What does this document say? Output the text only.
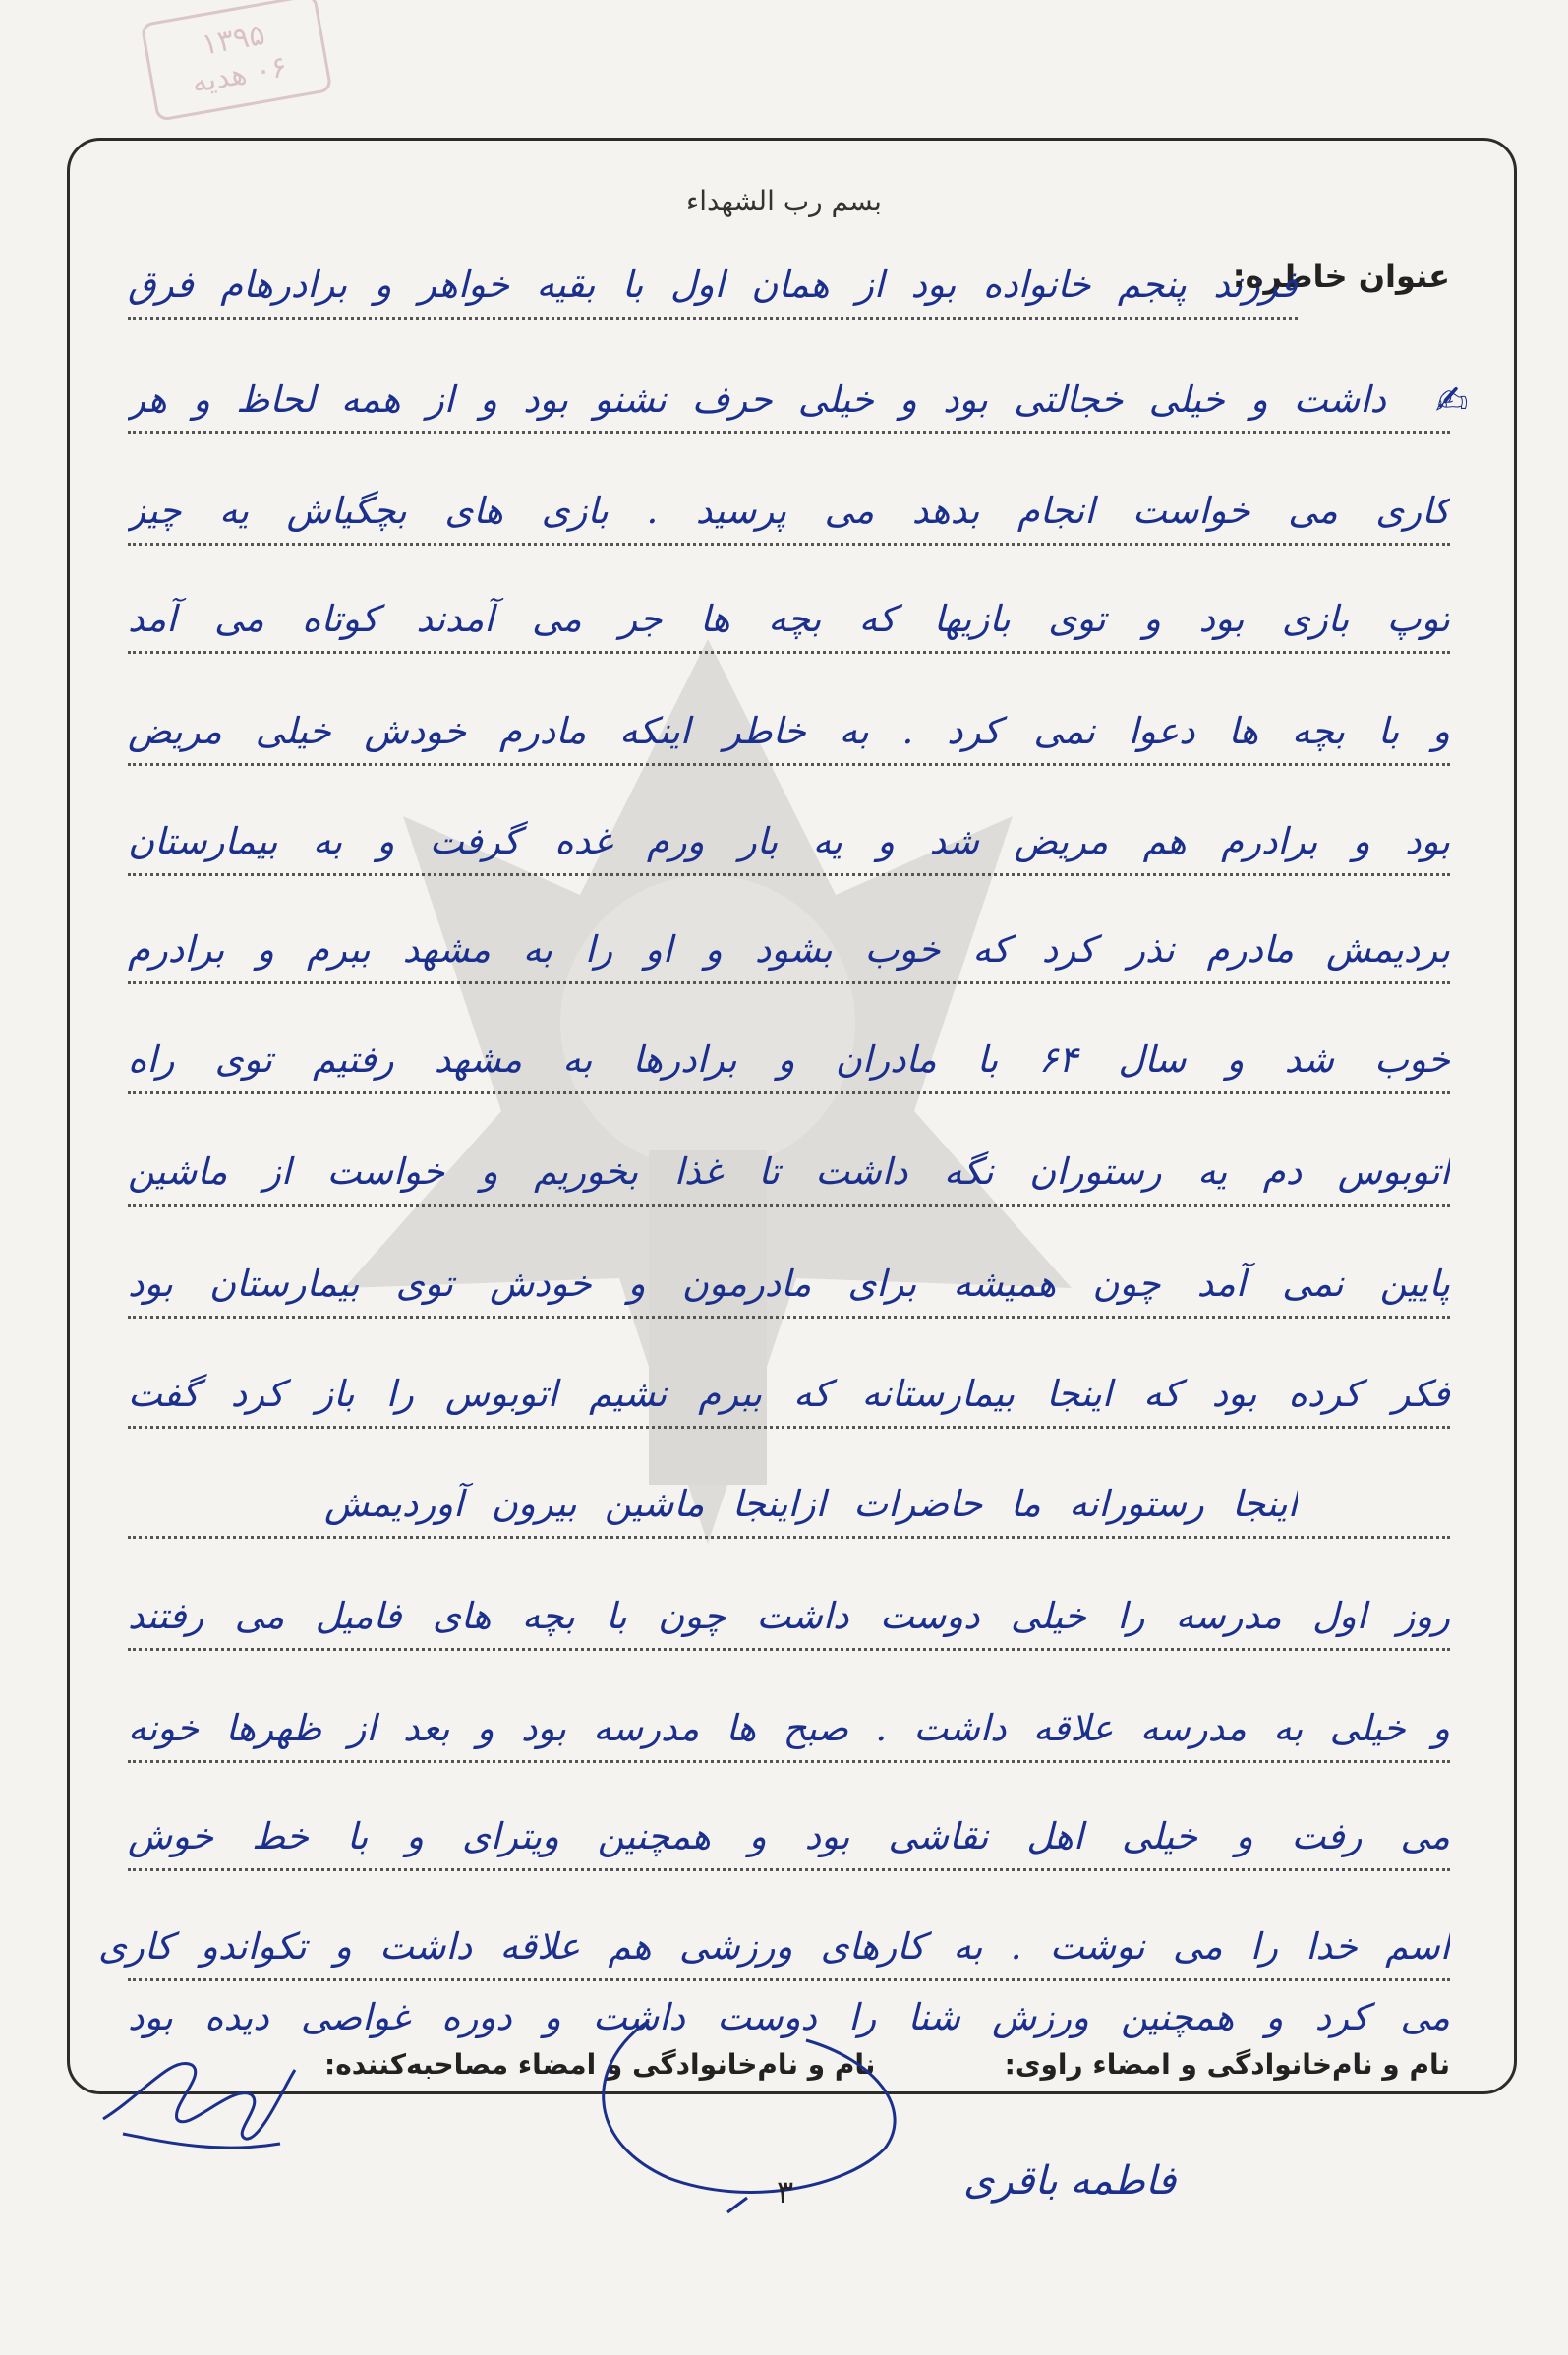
۱۳۹۵
۰۶ هدیه
بسم رب الشهداء
عنوان خاطره:
✍
فرزند پنجم خانواده بود از همان اول با بقیه خواهر و برادرهام فرق
داشت و خیلی خجالتی بود و خیلی حرف نشنو بود و از همه لحاظ و هر
کاری می خواست انجام بدهد می پرسید . بازی های بچگیاش یه چیز
توپ بازی بود و توی بازیها که بچه ها جر می آمدند کوتاه می آمد
و با بچه ها دعوا نمی کرد . به خاطر اینکه مادرم خودش خیلی مریض
بود و برادرم هم مریض شد و یه بار ورم غده گرفت و به بیمارستان
بردیمش مادرم نذر کرد که خوب بشود و او را به مشهد ببرم و برادرم
خوب شد و سال ۶۴ با مادران و برادرها به مشهد رفتیم توی راه
اتوبوس دم یه رستوران نگه داشت تا غذا بخوریم و خواست از ماشین
پایین نمی آمد چون همیشه برای مادرمون و خودش توی بیمارستان بود
فکر کرده بود که اینجا بیمارستانه که ببرم نشیم اتوبوس را باز کرد گفت
اینجا رستورانه ما حاضرات ازاینجا ماشین بیرون آوردیمش
روز اول مدرسه را خیلی دوست داشت چون با بچه های فامیل می رفتند
و خیلی به مدرسه علاقه داشت . صبح ها مدرسه بود و بعد از ظهرها خونه
می رفت و خیلی اهل نقاشی بود و همچنین ویترای و با خط خوش
اسم خدا را می نوشت . به کارهای ورزشی هم علاقه داشت و تکواندو کاری
می کرد و همچنین ورزش شنا را دوست داشت و دوره غواصی دیده بود
نام و نام‌خانوادگی و امضاء راوی:
نام و نام‌خانوادگی و امضاء مصاحبه‌کننده:
۳	فاطمه باقری
